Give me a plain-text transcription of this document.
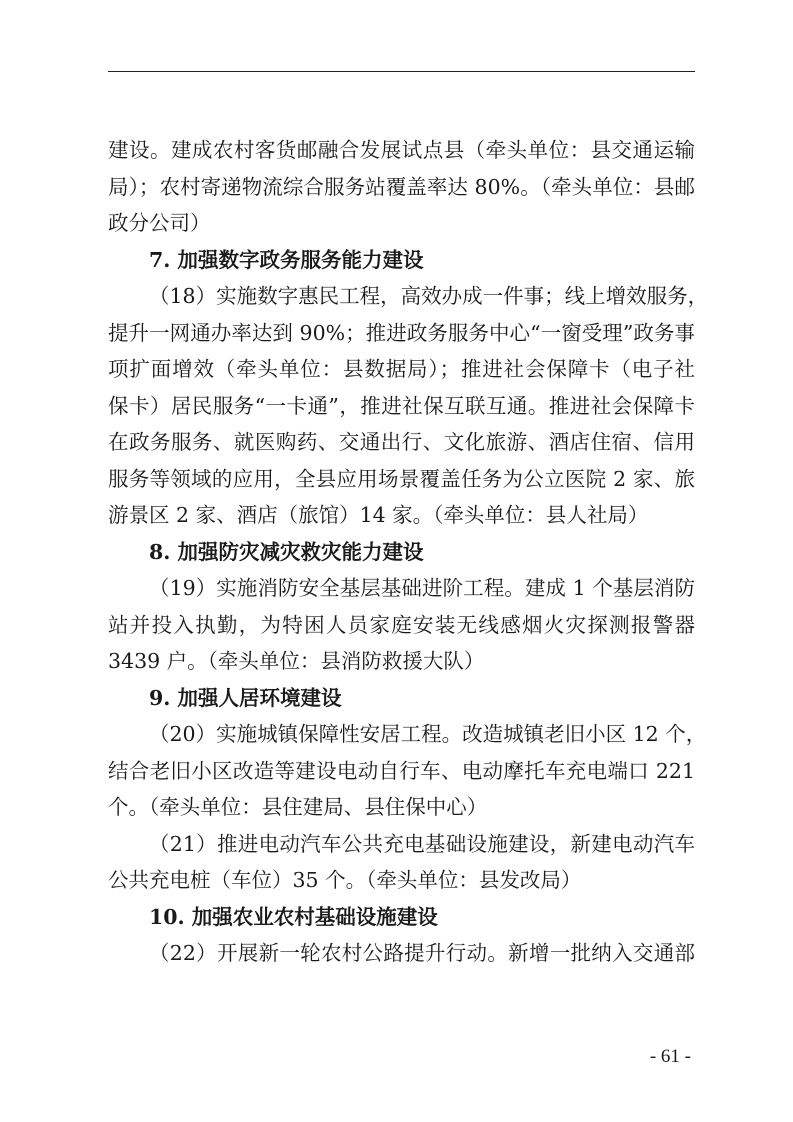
建设。建成农村客货邮融合发展试点县（牵头单位：县交通运输
局）；农村寄递物流综合服务站覆盖率达 80%。（牵头单位：县邮
政分公司）
7. 加强数字政务服务能力建设
（18）实施数字惠民工程，高效办成一件事；线上增效服务，
提升一网通办率达到 90%；推进政务服务中心“一窗受理”政务事
项扩面增效（牵头单位：县数据局）；推进社会保障卡（电子社
保卡）居民服务“一卡通”，推进社保互联互通。推进社会保障卡
在政务服务、就医购药、交通出行、文化旅游、酒店住宿、信用
服务等领域的应用，全县应用场景覆盖任务为公立医院 2 家、旅
游景区 2 家、酒店（旅馆）14 家。（牵头单位：县人社局）
8. 加强防灾减灾救灾能力建设
（19）实施消防安全基层基础进阶工程。建成 1 个基层消防
站并投入执勤，为特困人员家庭安装无线感烟火灾探测报警器
3439 户。（牵头单位：县消防救援大队）
9. 加强人居环境建设
（20）实施城镇保障性安居工程。改造城镇老旧小区 12 个，
结合老旧小区改造等建设电动自行车、电动摩托车充电端口 221
个。（牵头单位：县住建局、县住保中心）
（21）推进电动汽车公共充电基础设施建设，新建电动汽车
公共充电桩（车位）35 个。（牵头单位：县发改局）
10. 加强农业农村基础设施建设
（22）开展新一轮农村公路提升行动。新增一批纳入交通部
- 61 -
